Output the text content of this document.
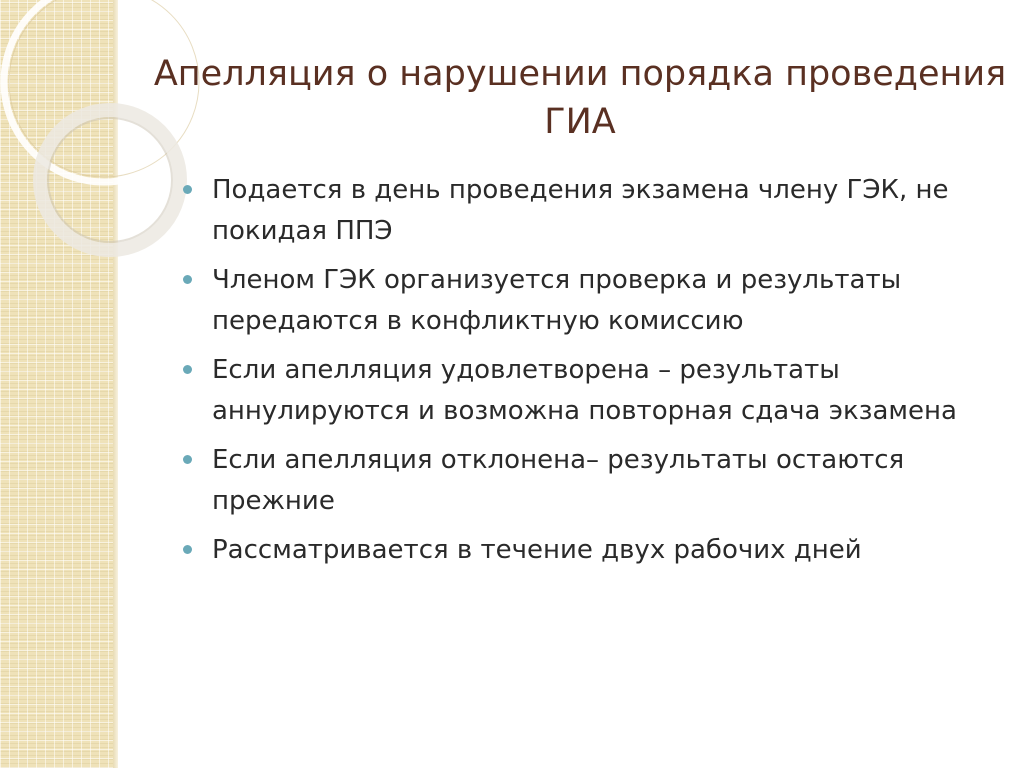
Апелляция о нарушении порядка проведения ГИА
Подается в день проведения экзамена члену ГЭК, не покидая ППЭ
Членом ГЭК организуется проверка и результаты передаются в конфликтную комиссию
Если апелляция удовлетворена – результаты аннулируются и возможна повторная сдача экзамена
Если апелляция отклонена– результаты остаются прежние
Рассматривается в течение двух рабочих дней
